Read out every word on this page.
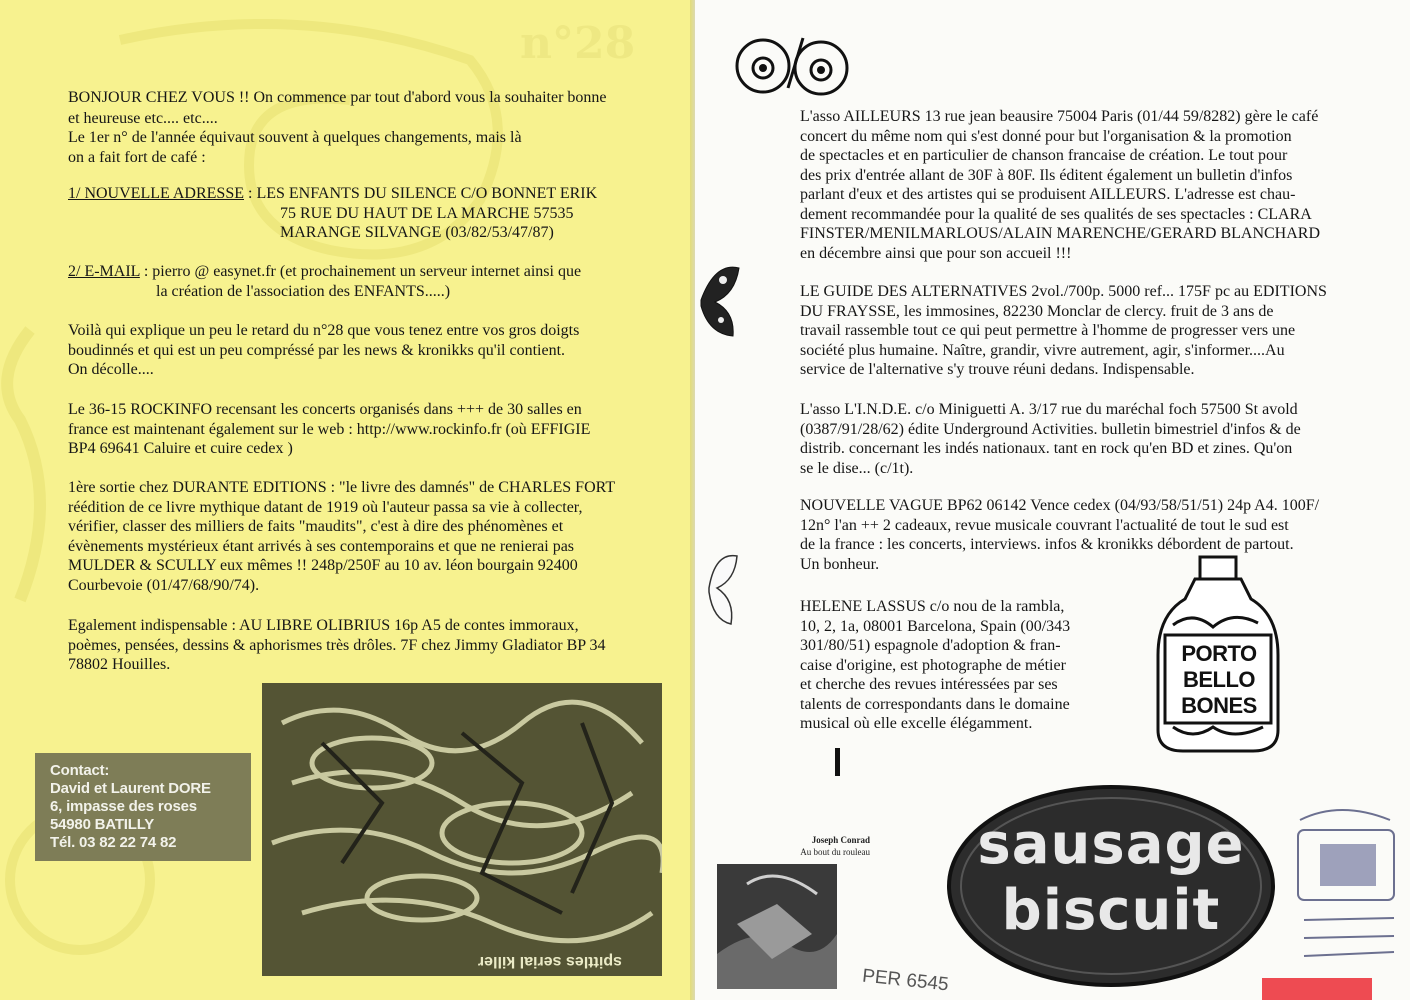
n°28

BONJOUR CHEZ VOUS !! On commence par tout d'abord vous la souhaiter bonne

et heureuse etc.... etc....

Le 1er n° de l'année équivaut souvent à quelques changements, mais là

on a fait fort de café :

1/ NOUVELLE ADRESSE : LES ENFANTS DU SILENCE C/O BONNET ERIK

75 RUE DU HAUT DE LA MARCHE 57535

MARANGE SILVANGE (03/82/53/47/87)

2/ E-MAIL : pierro @ easynet.fr (et prochainement un serveur internet ainsi que

la création de l'association des ENFANTS.....)

Voilà qui explique un peu le retard du n°28 que vous tenez entre vos gros doigts

boudinnés et qui est un peu compréssé par les news & kronikks qu'il contient.

On décolle....

Le 36-15 ROCKINFO recensant les concerts organisés dans +++ de 30 salles en

france est maintenant également sur le web : http://www.rockinfo.fr (où EFFIGIE

BP4 69641 Caluire et cuire cedex )

1ère sortie chez DURANTE EDITIONS : "le livre des damnés" de CHARLES FORT

réédition de ce livre mythique datant de 1919 où l'auteur passa sa vie à collecter,

vérifier, classer des milliers de faits "maudits", c'est à dire des phénomènes et

évènements mystérieux étant arrivés à ses contemporains et que ne renierai pas

MULDER & SCULLY eux mêmes !! 248p/250F au 10 av. léon bourgain 92400

Courbevoie (01/47/68/90/74).

Egalement indispensable : AU LIBRE OLIBRIUS 16p A5 de contes immoraux,

poèmes, pensées, dessins & aphorismes très drôles. 7F chez Jimmy Gladiator BP 34

78802 Houilles.

Contact:
David et Laurent DORE
6, impasse des roses
54980 BATILLY
Tél. 03 82 22 74 82
spittles serial killer

L'asso AILLEURS 13 rue jean beausire 75004 Paris (01/44 59/8282) gère le café

concert du même nom qui s'est donné pour but l'organisation & la promotion

de spectacles et en particulier de chanson francaise de création. Le tout pour

des prix d'entrée allant de 30F à 80F. Ils éditent également un bulletin d'infos

parlant d'eux et des artistes qui se produisent AILLEURS. L'adresse est chau-

dement recommandée pour la qualité de ses qualités de ses spectacles : CLARA

FINSTER/MENILMARLOUS/ALAIN MARENCHE/GERARD BLANCHARD

en décembre ainsi que pour son accueil !!!

LE GUIDE DES ALTERNATIVES 2vol./700p. 5000 ref... 175F pc au EDITIONS

DU FRAYSSE, les immosines, 82230 Monclar de clercy. fruit de 3 ans de

travail rassemble tout ce qui peut permettre à l'homme de progresser vers une

société plus humaine. Naître, grandir, vivre autrement, agir, s'informer....Au

service de l'alternative s'y trouve réuni dedans. Indispensable.

L'asso L'I.N.D.E. c/o Miniguetti A. 3/17 rue du maréchal foch 57500 St avold

(0387/91/28/62) édite Underground Activities. bulletin bimestriel d'infos & de

distrib. concernant les indés nationaux. tant en rock qu'en BD et zines. Qu'on

se le dise... (c/1t).

NOUVELLE VAGUE BP62 06142 Vence cedex (04/93/58/51/51) 24p A4. 100F/

12n° l'an ++ 2 cadeaux, revue musicale couvrant l'actualité de tout le sud est

de la france : les concerts, interviews. infos & kronikks débordent de partout.

Un bonheur.

HELENE LASSUS c/o nou de la rambla,

10, 2, 1a, 08001 Barcelona, Spain (00/343

301/80/51) espagnole d'adoption & fran-

caise d'origine, est photographe de métier

et cherche des revues intéressées par ses

talents de correspondants dans le domaine

musical où elle excelle élégamment.

Joseph Conrad
Au bout du rouleau
PORTO
BELLO
BONES
sausage
biscuit
PER 6545
